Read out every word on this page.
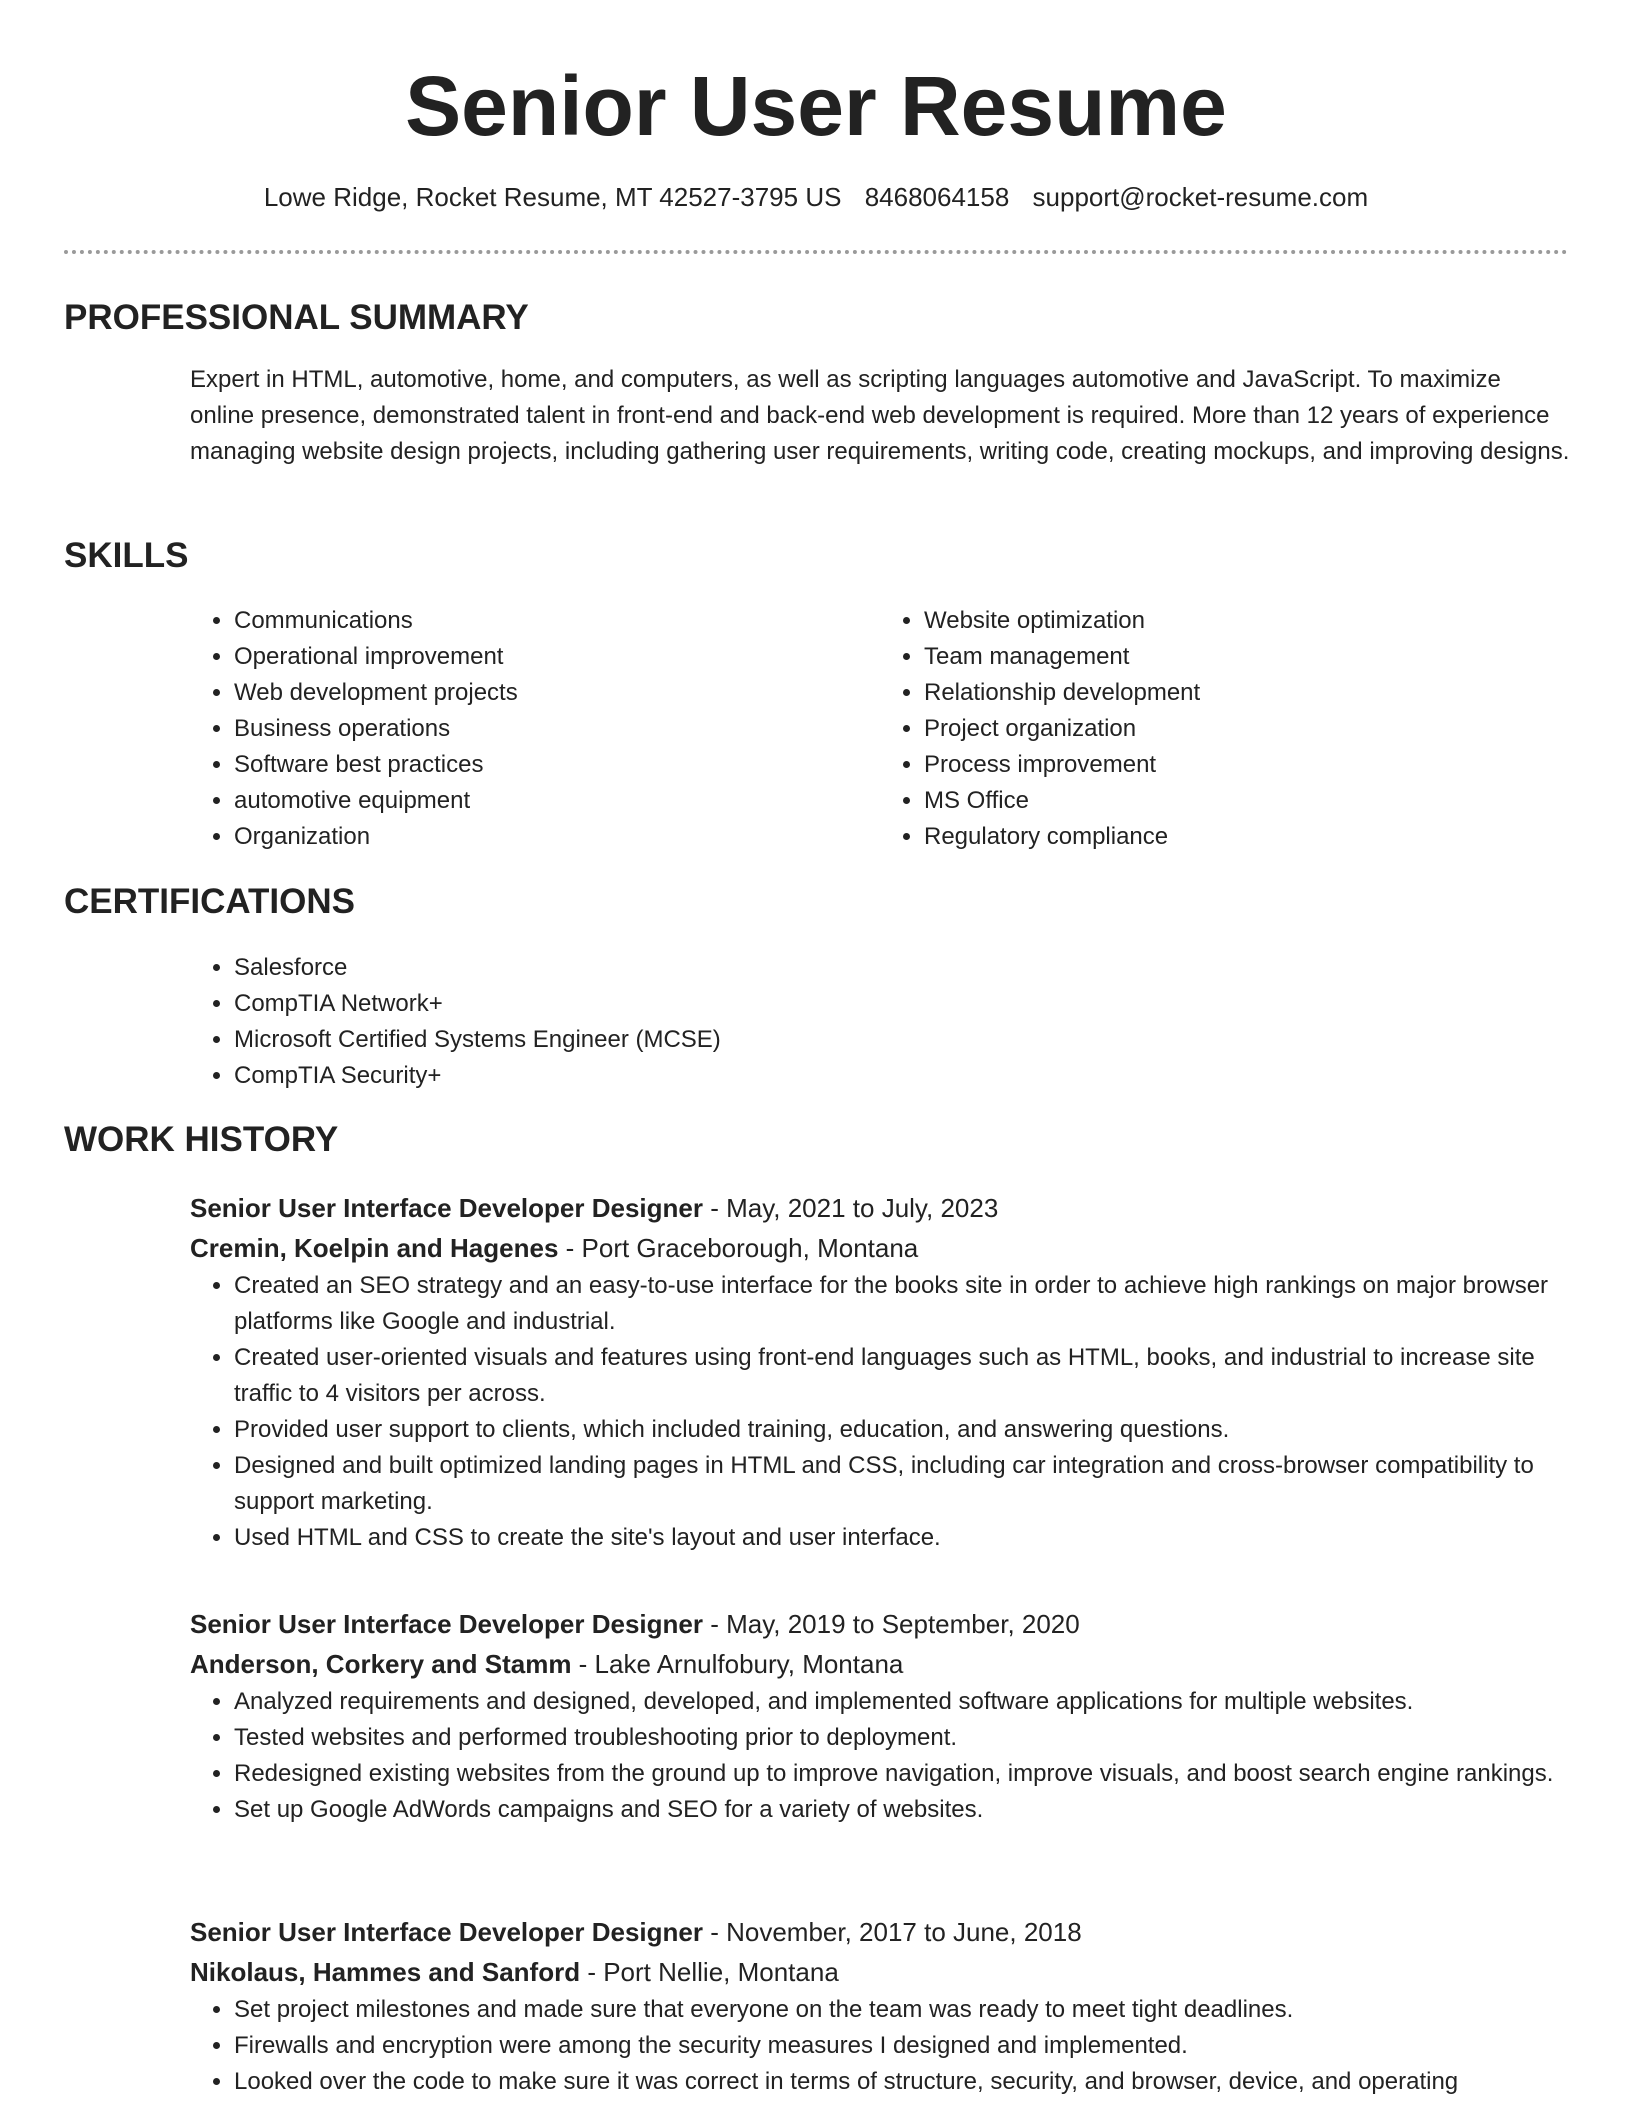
Senior User Resume
Lowe Ridge, Rocket Resume, MT 42527-3795 US 8468064158 support@rocket-resume.com
PROFESSIONAL SUMMARY

Expert in HTML, automotive, home, and computers, as well as scripting languages automotive and JavaScript. To maximize online presence, demonstrated talent in front-end and back-end web development is required. More than 12 years of experience managing website design projects, including gathering user requirements, writing code, creating mockups, and improving designs.

SKILLS
• Communications
• Operational improvement
• Web development projects
• Business operations
• Software best practices
• automotive equipment
• Organization
• Website optimization
• Team management
• Relationship development
• Project organization
• Process improvement
• MS Office
• Regulatory compliance
CERTIFICATIONS
• Salesforce
• CompTIA Network+
• Microsoft Certified Systems Engineer (MCSE)
• CompTIA Security+
WORK HISTORY
Senior User Interface Developer Designer - May, 2021 to July, 2023
Cremin, Koelpin and Hagenes - Port Graceborough, Montana
• Created an SEO strategy and an easy-to-use interface for the books site in order to achieve high rankings on major browser platforms like Google and industrial.
• Created user-oriented visuals and features using front-end languages such as HTML, books, and industrial to increase site traffic to 4 visitors per across.
• Provided user support to clients, which included training, education, and answering questions.
• Designed and built optimized landing pages in HTML and CSS, including car integration and cross-browser compatibility to support marketing.
• Used HTML and CSS to create the site's layout and user interface.
Senior User Interface Developer Designer - May, 2019 to September, 2020
Anderson, Corkery and Stamm - Lake Arnulfobury, Montana
• Analyzed requirements and designed, developed, and implemented software applications for multiple websites.
• Tested websites and performed troubleshooting prior to deployment.
• Redesigned existing websites from the ground up to improve navigation, improve visuals, and boost search engine rankings.
• Set up Google AdWords campaigns and SEO for a variety of websites.
Senior User Interface Developer Designer - November, 2017 to June, 2018
Nikolaus, Hammes and Sanford - Port Nellie, Montana
• Set project milestones and made sure that everyone on the team was ready to meet tight deadlines.
• Firewalls and encryption were among the security measures I designed and implemented.
• Looked over the code to make sure it was correct in terms of structure, security, and browser, device, and operating
